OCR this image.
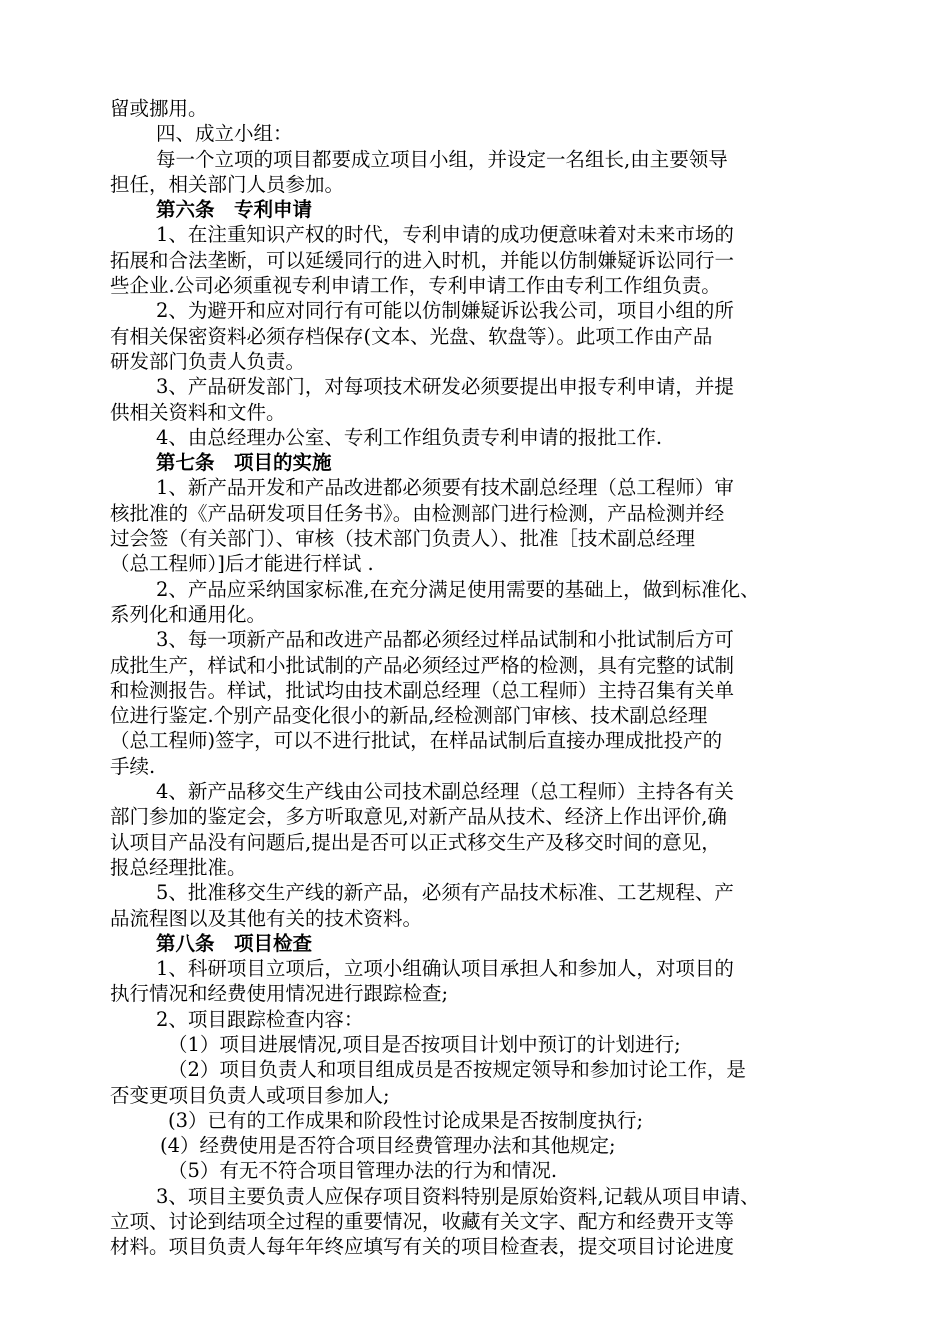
留或挪用。
四、成立小组：
每一个立项的项目都要成立项目小组，并设定一名组长,由主要领导
担任，相关部门人员参加。
第六条　专利申请
1、在注重知识产权的时代，专利申请的成功便意味着对未来市场的
拓展和合法垄断，可以延缓同行的进入时机，并能以仿制嫌疑诉讼同行一
些企业.公司必须重视专利申请工作，专利申请工作由专利工作组负责。
2、为避开和应对同行有可能以仿制嫌疑诉讼我公司，项目小组的所
有相关保密资料必须存档保存(文本、光盘、软盘等）。此项工作由产品
研发部门负责人负责。
3、产品研发部门，对每项技术研发必须要提出申报专利申请，并提
供相关资料和文件。
4、由总经理办公室、专利工作组负责专利申请的报批工作.
第七条　项目的实施
1、新产品开发和产品改进都必须要有技术副总经理（总工程师）审
核批准的《产品研发项目任务书》。由检测部门进行检测，产品检测并经
过会签（有关部门）、审核（技术部门负责人）、批准［技术副总经理
（总工程师）]后才能进行样试 .
2、产品应采纳国家标准,在充分满足使用需要的基础上，做到标准化、
系列化和通用化。
3、每一项新产品和改进产品都必须经过样品试制和小批试制后方可
成批生产，样试和小批试制的产品必须经过严格的检测，具有完整的试制
和检测报告。样试，批试均由技术副总经理（总工程师）主持召集有关单
位进行鉴定.个别产品变化很小的新品,经检测部门审核、技术副总经理
（总工程师)签字，可以不进行批试，在样品试制后直接办理成批投产的
手续.
4、新产品移交生产线由公司技术副总经理（总工程师）主持各有关
部门参加的鉴定会，多方听取意见,对新产品从技术、经济上作出评价,确
认项目产品没有问题后,提出是否可以正式移交生产及移交时间的意见，
报总经理批准。
5、批准移交生产线的新产品，必须有产品技术标准、工艺规程、产
品流程图以及其他有关的技术资料。
第八条　项目检查
1、科研项目立项后，立项小组确认项目承担人和参加人，对项目的
执行情况和经费使用情况进行跟踪检查;
2、项目跟踪检查内容：
（1）项目进展情况,项目是否按项目计划中预订的计划进行;
（2）项目负责人和项目组成员是否按规定领导和参加讨论工作，是
否变更项目负责人或项目参加人;
(3）已有的工作成果和阶段性讨论成果是否按制度执行;
(4）经费使用是否符合项目经费管理办法和其他规定;
（5）有无不符合项目管理办法的行为和情况.
3、项目主要负责人应保存项目资料特别是原始资料,记载从项目申请、
立项、讨论到结项全过程的重要情况，收藏有关文字、配方和经费开支等
材料。项目负责人每年年终应填写有关的项目检查表，提交项目讨论进度
